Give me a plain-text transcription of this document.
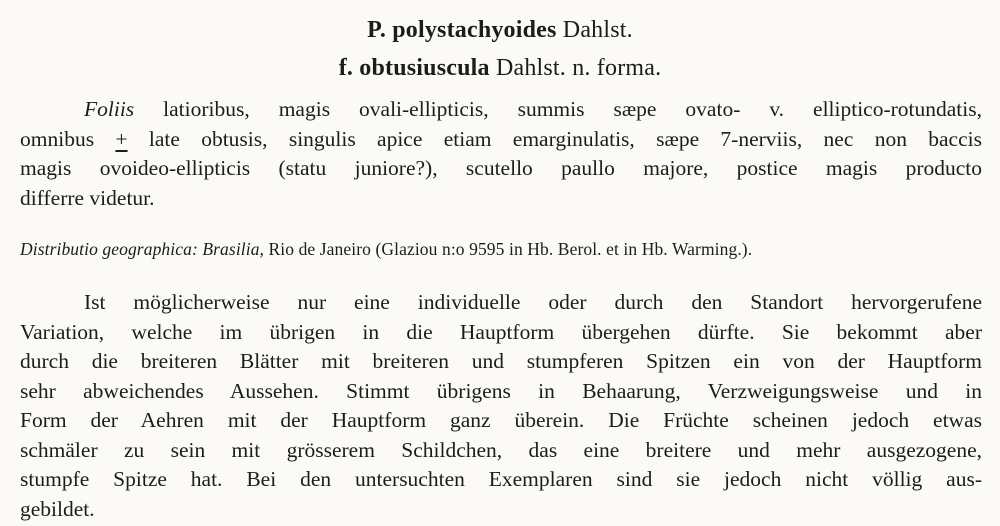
P. polystachyoides Dahlst.
f. obtusiuscula Dahlst. n. forma.
Foliis latioribus, magis ovali-ellipticis, summis sæpe ovato- v. elliptico-rotundatis,
omnibus + late obtusis, singulis apice etiam emarginulatis, sæpe 7-nerviis, nec non baccis
magis ovoideo-ellipticis (statu juniore?), scutello paullo majore, postice magis producto
differre videtur.
Distributio geographica: Brasilia, Rio de Janeiro (Glaziou n:o 9595 in Hb. Berol. et in Hb. Warming.).
Ist möglicherweise nur eine individuelle oder durch den Standort hervorgerufene
Variation, welche im übrigen in die Hauptform übergehen dürfte. Sie bekommt aber
durch die breiteren Blätter mit breiteren und stumpferen Spitzen ein von der Hauptform
sehr abweichendes Aussehen. Stimmt übrigens in Behaarung, Verzweigungsweise und in
Form der Aehren mit der Hauptform ganz überein. Die Früchte scheinen jedoch etwas
schmäler zu sein mit grösserem Schildchen, das eine breitere und mehr ausgezogene,
stumpfe Spitze hat. Bei den untersuchten Exemplaren sind sie jedoch nicht völlig aus-
gebildet.
